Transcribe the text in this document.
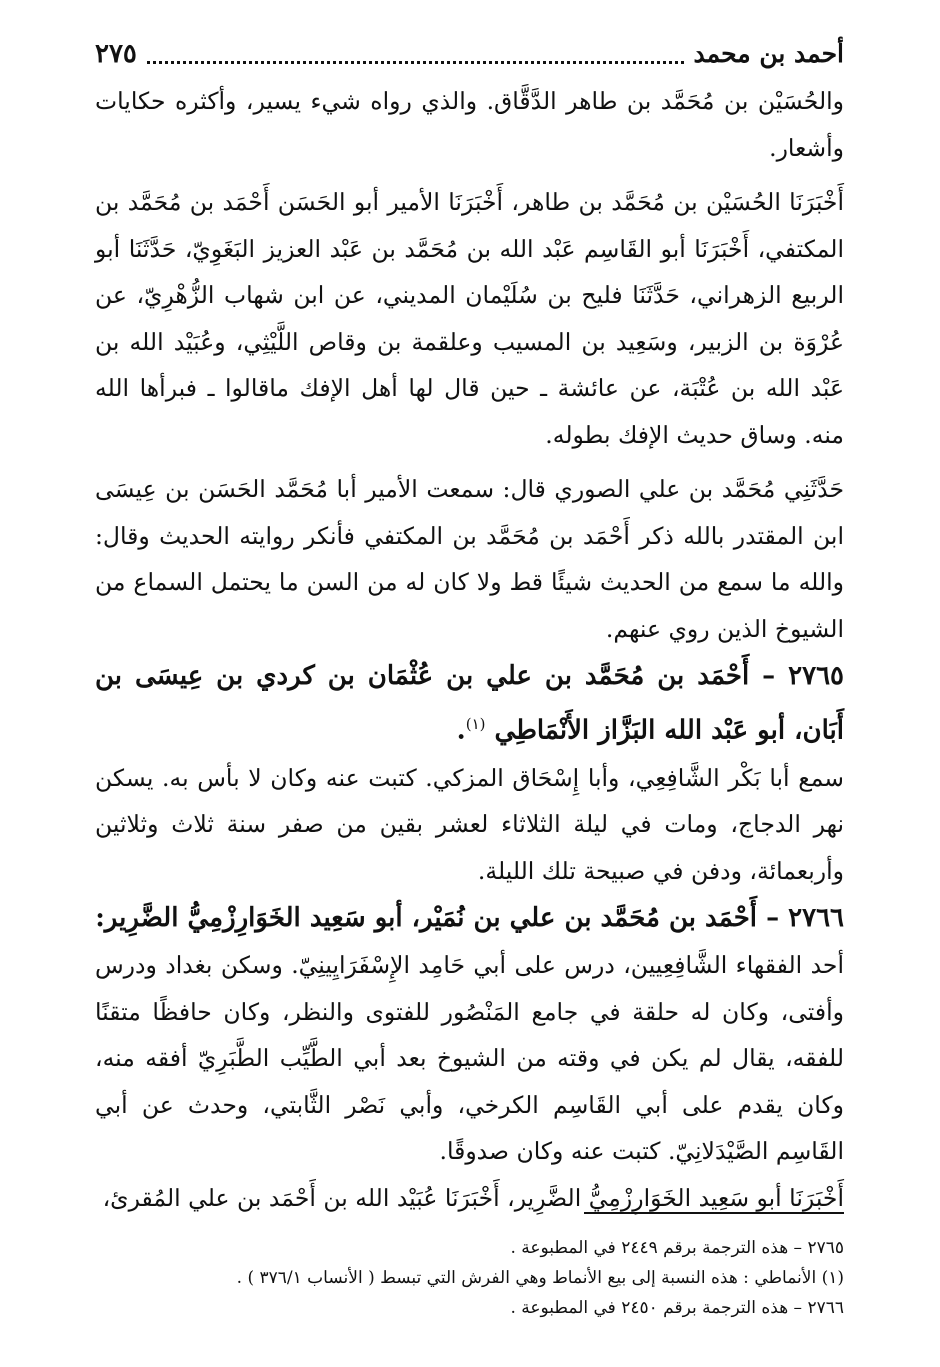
أحمد بن محمد
٢٧٥

والحُسَيْن بن مُحَمَّد بن طاهر الدَّقَّاق. والذي رواه شيء يسير، وأكثره حكايات وأشعار.

أَخْبَرَنَا الحُسَيْن بن مُحَمَّد بن طاهر، أَخْبَرَنَا الأمير أبو الحَسَن أَحْمَد بن مُحَمَّد بن المكتفي، أَخْبَرَنَا أبو القَاسِم عَبْد الله بن مُحَمَّد بن عَبْد العزيز البَغَوِيّ، حَدَّثَنَا أبو الربيع الزهراني، حَدَّثَنَا فليح بن سُلَيْمان المديني، عن ابن شهاب الزُّهْرِيّ، عن عُرْوَة بن الزبير، وسَعِيد بن المسيب وعلقمة بن وقاص اللَّيْثِي، وعُبَيْد الله بن عَبْد الله بن عُتْبَة، عن عائشة ـ حين قال لها أهل الإفك ماقالوا ـ فبرأها الله منه. وساق حديث الإفك بطوله.

حَدَّثَنِي مُحَمَّد بن علي الصوري قال: سمعت الأمير أبا مُحَمَّد الحَسَن بن عِيسَى ابن المقتدر بالله ذكر أَحْمَد بن مُحَمَّد بن المكتفي فأنكر روايته الحديث وقال: والله ما سمع من الحديث شيئًا قط ولا كان له من السن ما يحتمل السماع من الشيوخ الذين روي عنهم.

٢٧٦٥ – أَحْمَد بن مُحَمَّد بن علي بن عُثْمَان بن كردي بن عِيسَى بن أَبَان، أبو عَبْد الله البَزَّاز الأَنْمَاطِي $^{(١)}$.

سمع أبا بَكْر الشَّافِعِي، وأبا إِسْحَاق المزكي. كتبت عنه وكان لا بأس به. يسكن نهر الدجاج، ومات في ليلة الثلاثاء لعشر بقين من صفر سنة ثلاث وثلاثين وأربعمائة، ودفن في صبيحة تلك الليلة.

٢٧٦٦ – أَحْمَد بن مُحَمَّد بن علي بن نُمَيْر، أبو سَعِيد الخَوَارِزْمِيُّ الضَّرِير:

أحد الفقهاء الشَّافِعِيين، درس على أبي حَامِد الإِسْفَرَايِينِيّ. وسكن بغداد ودرس وأفتى، وكان له حلقة في جامع المَنْصُور للفتوى والنظر، وكان حافظًا متقنًا للفقه، يقال لم يكن في وقته من الشيوخ بعد أبي الطَّيِّب الطَّبَرِيّ أفقه منه، وكان يقدم على أبي القَاسِم الكرخي، وأبي نَصْر الثَّابتي، وحدث عن أبي القَاسِم الصَّيْدَلانِيّ. كتبت عنه وكان صدوقًا.

أَخْبَرَنَا أبو سَعِيد الخَوَارِزْمِيُّ الضَّرِير، أَخْبَرَنَا عُبَيْد الله بن أَحْمَد بن علي المُقرئ،

٢٧٦٥ – هذه الترجمة برقم ٢٤٤٩ في المطبوعة .

(١) الأنماطي : هذه النسبة إلى بيع الأنماط وهي الفرش التي تبسط ( الأنساب ٣٧٦/١ ) .

٢٧٦٦ – هذه الترجمة برقم ٢٤٥٠ في المطبوعة .
